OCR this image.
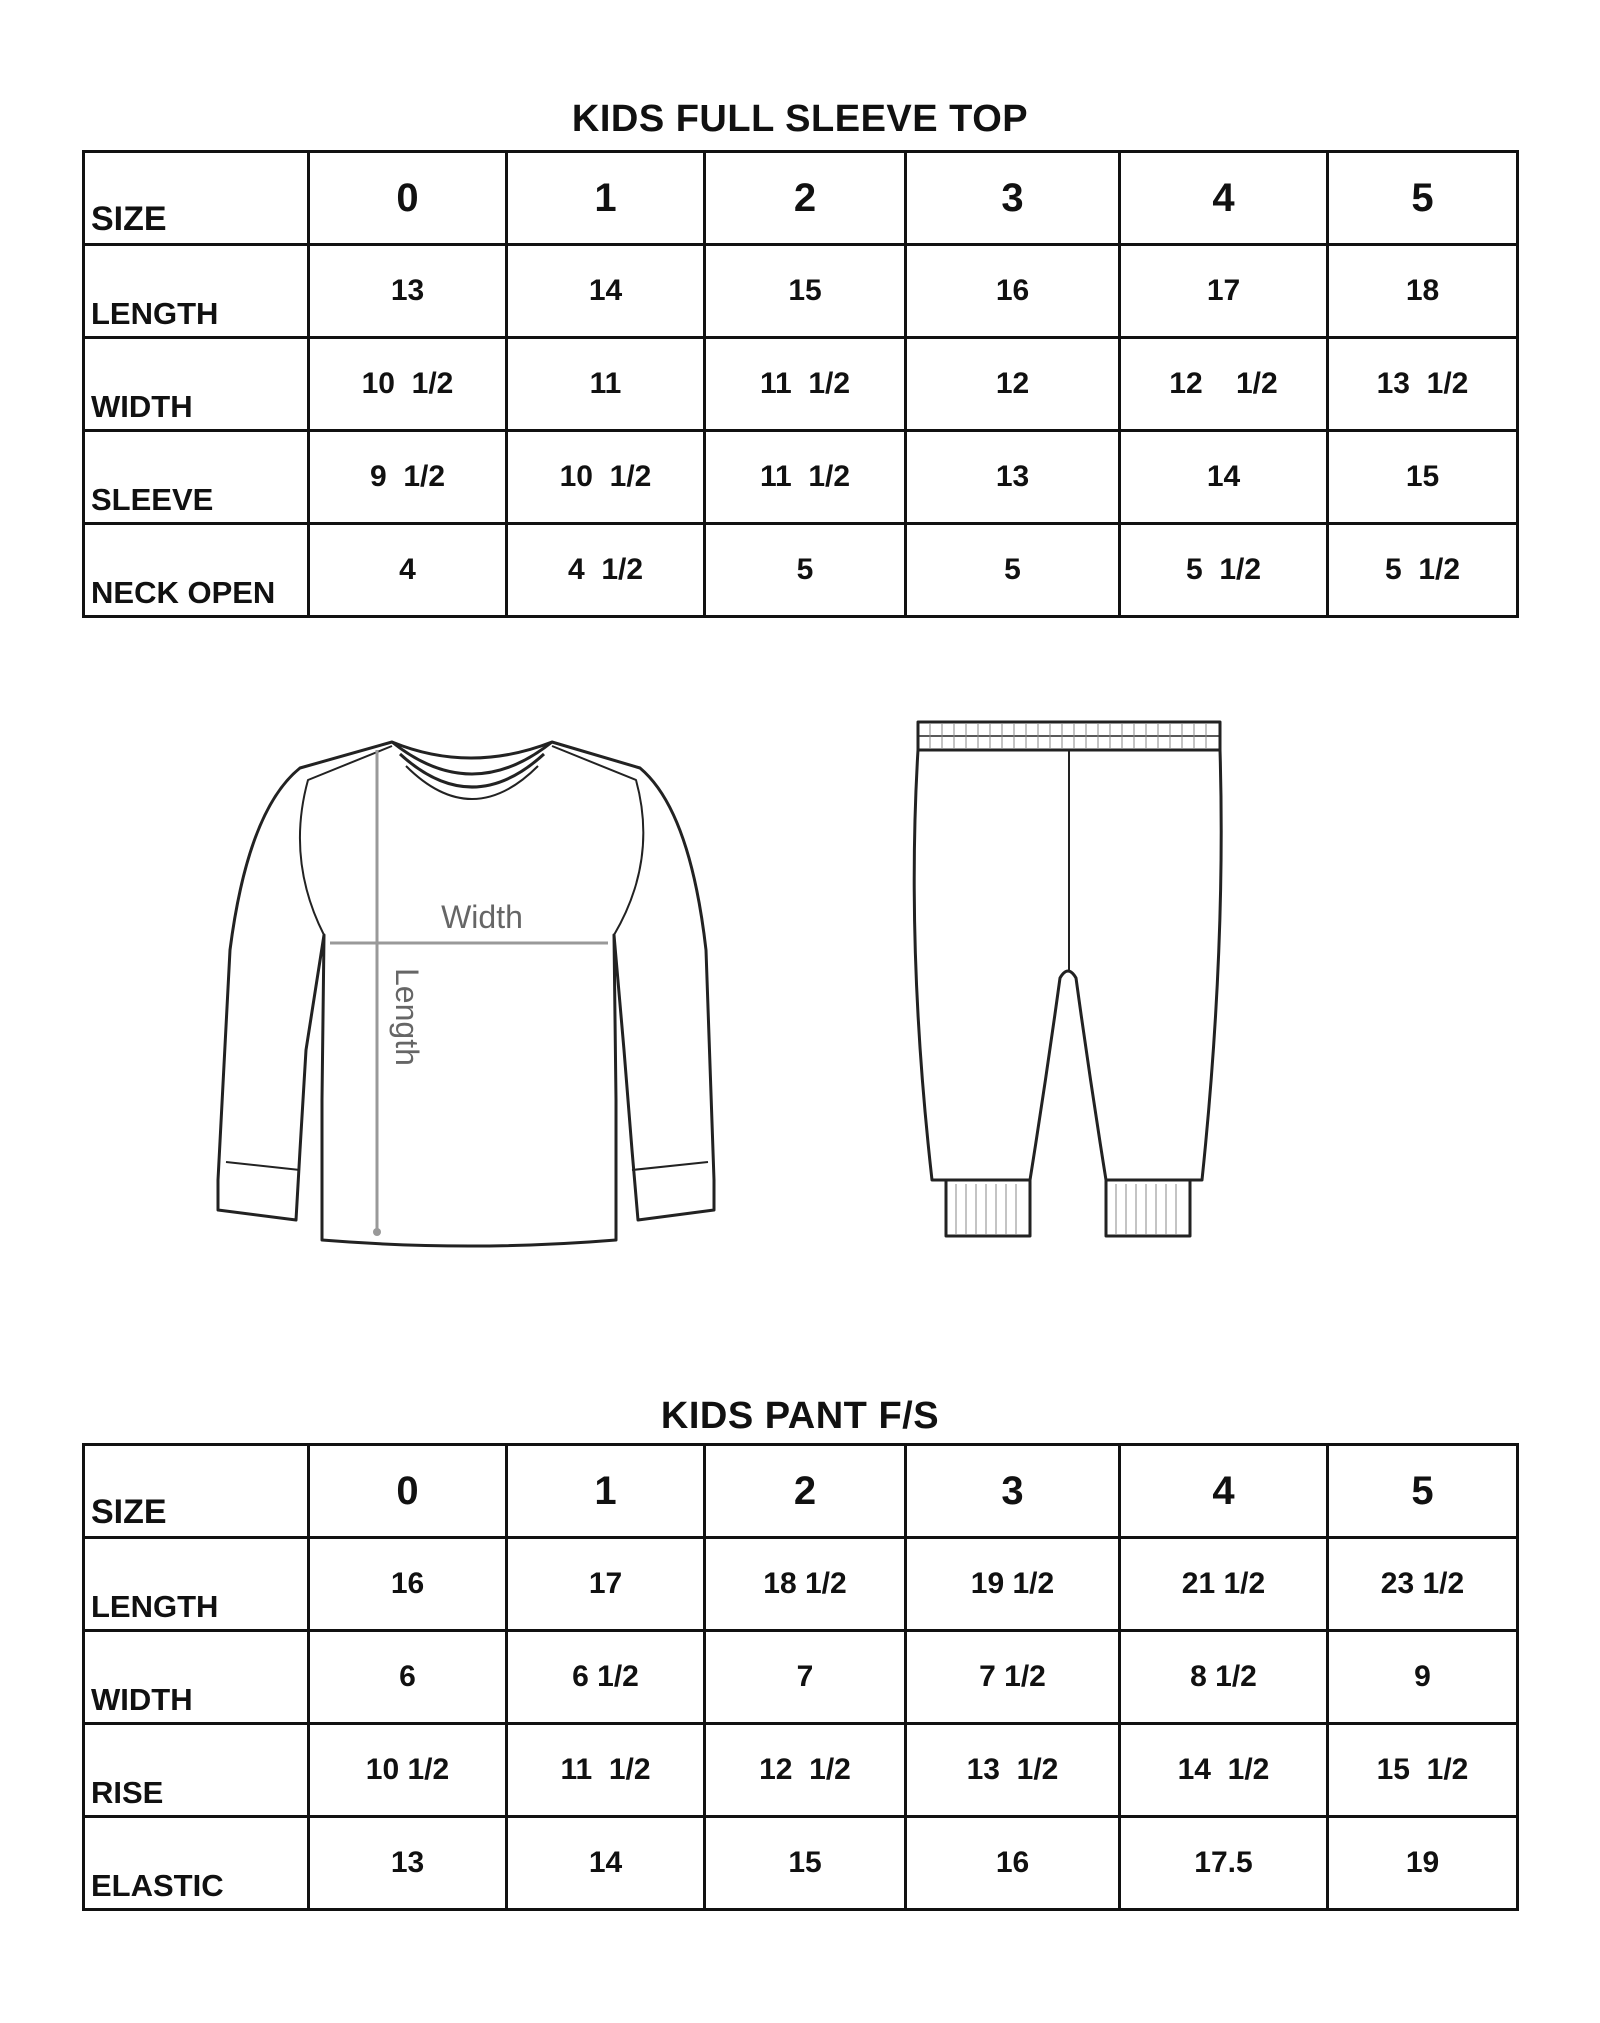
KIDS FULL SLEEVE TOP
SIZE	0	1	2	3	4	5
LENGTH	13	14	15	16	17	18
WIDTH	10  1/2	11	11  1/2	12	12    1/2	13  1/2
SLEEVE	9  1/2	10  1/2	11  1/2	13	14	15
NECK OPEN	4	4  1/2	5	5	5  1/2	5  1/2
Width
Length
KIDS PANT F/S
SIZE	0	1	2	3	4	5
LENGTH	16	17	18 1/2	19 1/2	21 1/2	23 1/2
WIDTH	6	6 1/2	7	7 1/2	8 1/2	9
RISE	10 1/2	11  1/2	12  1/2	13  1/2	14  1/2	15  1/2
ELASTIC	13	14	15	16	17.5	19
